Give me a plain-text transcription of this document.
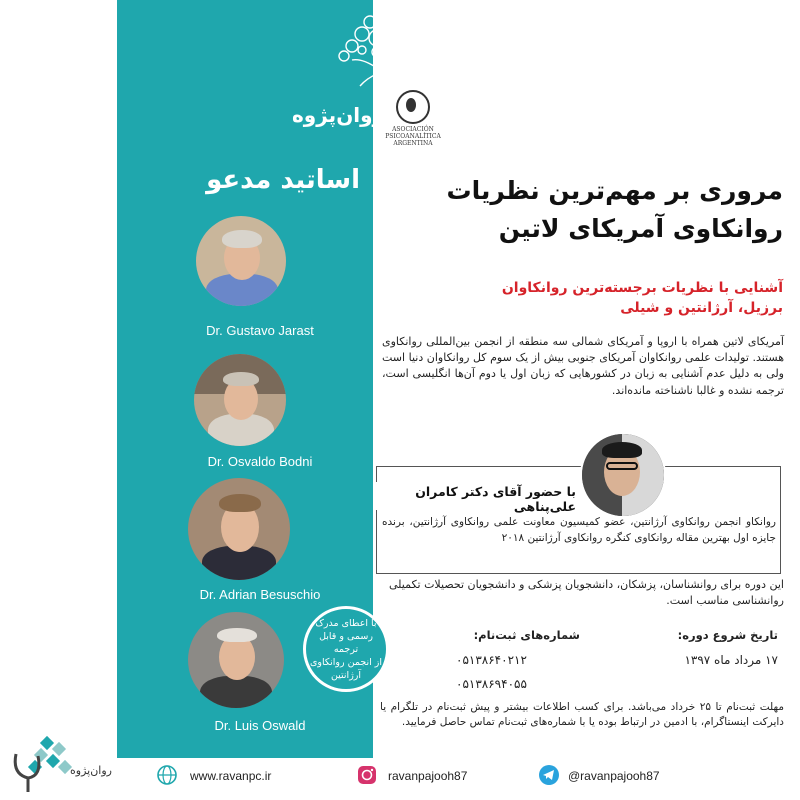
روان‌پژوه
ASOCIACIÓN
PSICOANALÍTICA
ARGENTINA
اساتید مدعو	مروری بر مهم‌ترین نظریات
روانکاوی آمریکای لاتین
آشنایی با نظریات برجسته‌ترین روانکاوان
برزیل، آرژانتین و شیلی
آمریکای لاتین همراه با اروپا و آمریکای شمالی سه منطقه از انجمن بین‌المللی روانکاوی هستند. تولیدات علمی روانکاوان آمریکای جنوبی بیش از یک سوم کل روانکاوان دنیا است ولی به دلیل عدم آشنایی به زبان در کشورهایی که زبان اول یا دوم آن‌ها انگلیسی است، ترجمه نشده و غالبا ناشناخته مانده‌اند.
Dr. Gustavo Jarast
Dr. Osvaldo Bodni
Dr. Adrian Besuschio
Dr. Luis Oswald
با حضور آقای دکتر کامران علی‌پناهی
روانکاو انجمن روانکاوی آرژانتین، عضو کمیسیون معاونت علمی روانکاوی آرژانتین، برنده جایزه اول بهترین مقاله روانکاوی کنگره روانکاوی آرژانتین ۲۰۱۸
این دوره برای روانشناسان، پزشکان، دانشجویان پزشکی و دانشجویان تحصیلات تکمیلی روانشناسی مناسب است.
با اعطای مدرک
رسمی و قابل ترجمه
از انجمن روانکاوی
آرژانتین
تاریخ شروع دوره:
۱۷ مرداد ماه ۱۳۹۷
شماره‌های ثبت‌نام:
۰۵۱۳۸۶۴۰۲۱۲
۰۵۱۳۸۶۹۴۰۵۵
مهلت ثبت‌نام تا ۲۵ خرداد می‌باشد. برای کسب اطلاعات بیشتر و پیش ثبت‌نام در تلگرام یا دایرکت اینستاگرام، با ادمین در ارتباط بوده یا با شماره‌های ثبت‌نام تماس حاصل فرمایید.
روان‌پژوه	www.ravanpc.ir	ravanpajooh87	@ravanpajooh87
